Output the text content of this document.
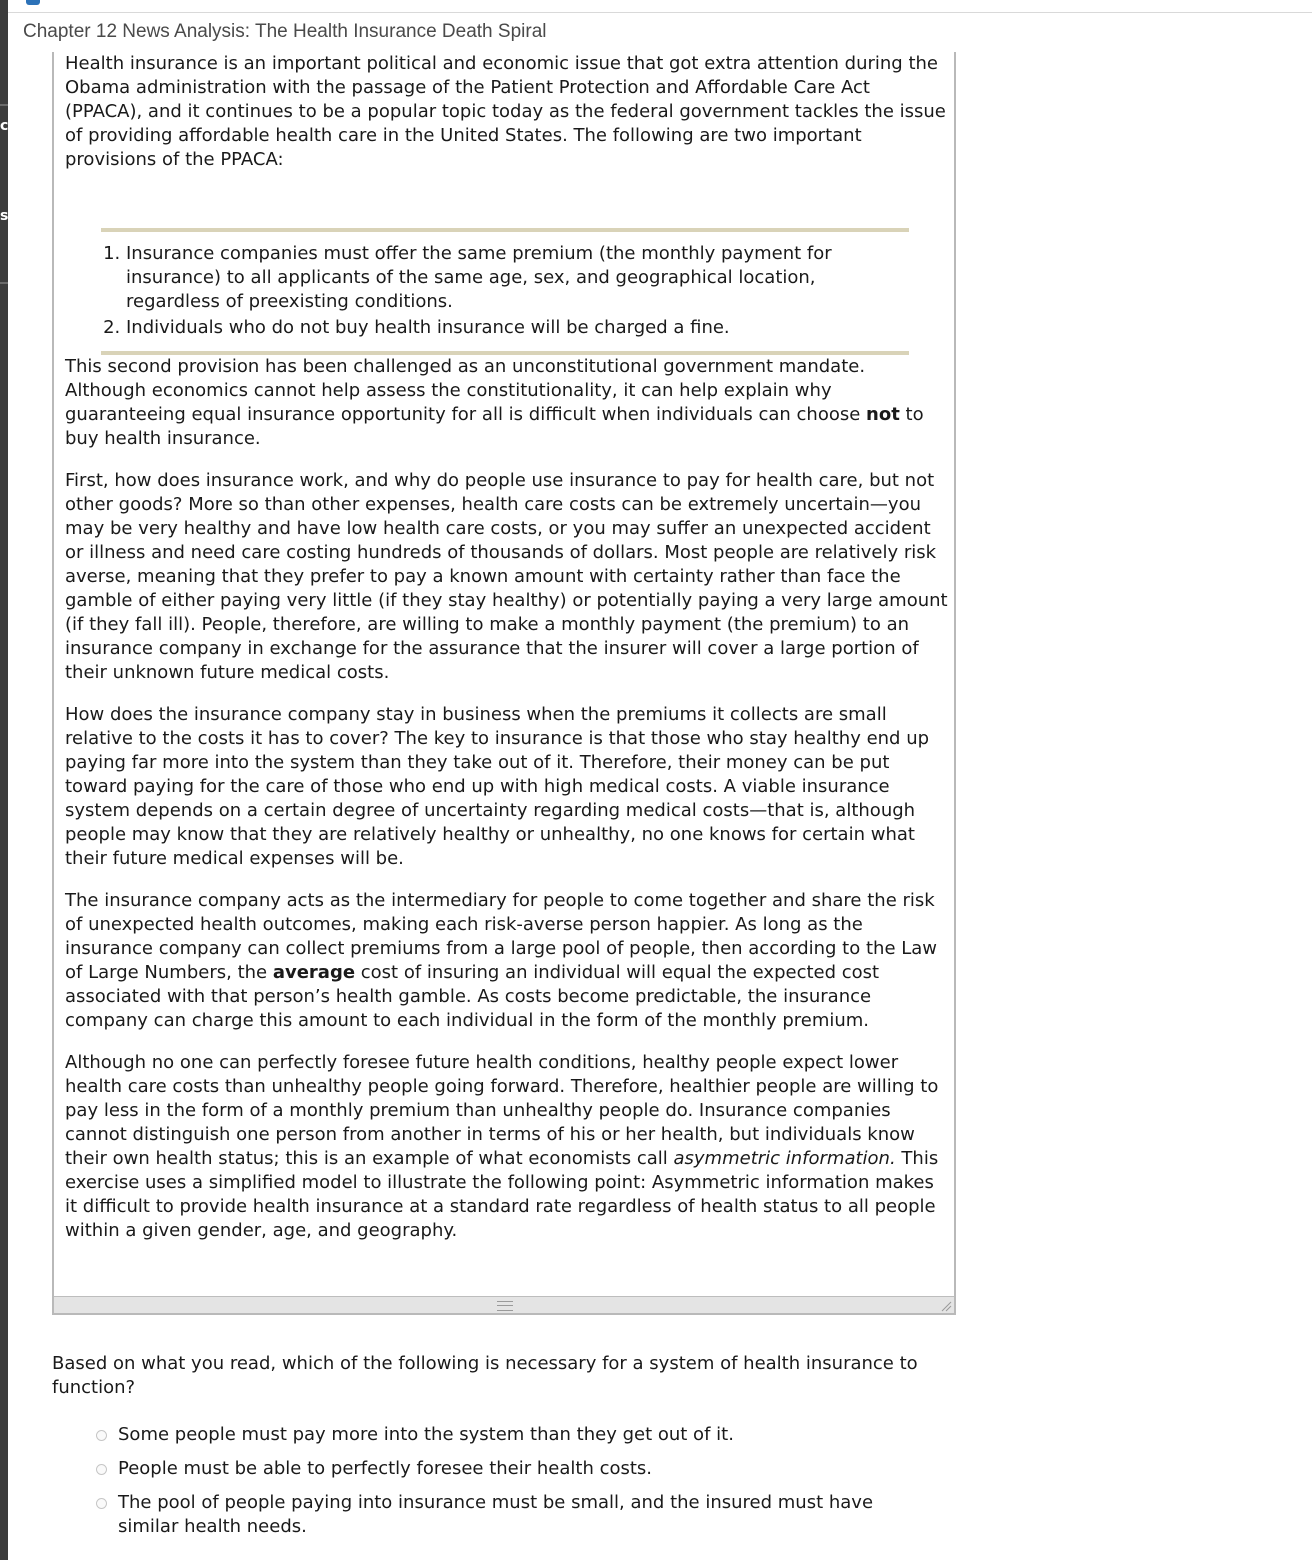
c
s
Chapter 12 News Analysis: The Health Insurance Death Spiral

Health insurance is an important political and economic issue that got extra attention during the Obama administration with the passage of the Patient Protection and Affordable Care Act (PPACA), and it continues to be a popular topic today as the federal government tackles the issue of providing affordable health care in the United States. The following are two important provisions of the PPACA:

1. Insurance companies must offer the same premium (the monthly payment for insurance) to all applicants of the same age, sex, and geographical location, regardless of preexisting conditions.
2. Individuals who do not buy health insurance will be charged a fine.

This second provision has been challenged as an unconstitutional government mandate. Although economics cannot help assess the constitutionality, it can help explain why guaranteeing equal insurance opportunity for all is difficult when individuals can choose not to buy health insurance.

First, how does insurance work, and why do people use insurance to pay for health care, but not other goods? More so than other expenses, health care costs can be extremely uncertain—you may be very healthy and have low health care costs, or you may suffer an unexpected accident or illness and need care costing hundreds of thousands of dollars. Most people are relatively risk averse, meaning that they prefer to pay a known amount with certainty rather than face the gamble of either paying very little (if they stay healthy) or potentially paying a very large amount (if they fall ill). People, therefore, are willing to make a monthly payment (the premium) to an insurance company in exchange for the assurance that the insurer will cover a large portion of their unknown future medical costs.

How does the insurance company stay in business when the premiums it collects are small relative to the costs it has to cover? The key to insurance is that those who stay healthy end up paying far more into the system than they take out of it. Therefore, their money can be put toward paying for the care of those who end up with high medical costs. A viable insurance system depends on a certain degree of uncertainty regarding medical costs—that is, although people may know that they are relatively healthy or unhealthy, no one knows for certain what their future medical expenses will be.

The insurance company acts as the intermediary for people to come together and share the risk of unexpected health outcomes, making each risk-averse person happier. As long as the insurance company can collect premiums from a large pool of people, then according to the Law of Large Numbers, the average cost of insuring an individual will equal the expected cost associated with that person’s health gamble. As costs become predictable, the insurance company can charge this amount to each individual in the form of the monthly premium.

Although no one can perfectly foresee future health conditions, healthy people expect lower health care costs than unhealthy people going forward. Therefore, healthier people are willing to pay less in the form of a monthly premium than unhealthy people do. Insurance companies cannot distinguish one person from another in terms of his or her health, but individuals know their own health status; this is an example of what economists call asymmetric information. This exercise uses a simplified model to illustrate the following point: Asymmetric information makes it difficult to provide health insurance at a standard rate regardless of health status to all people within a given gender, age, and geography.

Based on what you read, which of the following is necessary for a system of health insurance to function?
Some people must pay more into the system than they get out of it.
People must be able to perfectly foresee their health costs.
The pool of people paying into insurance must be small, and the insured must have similar health needs.
